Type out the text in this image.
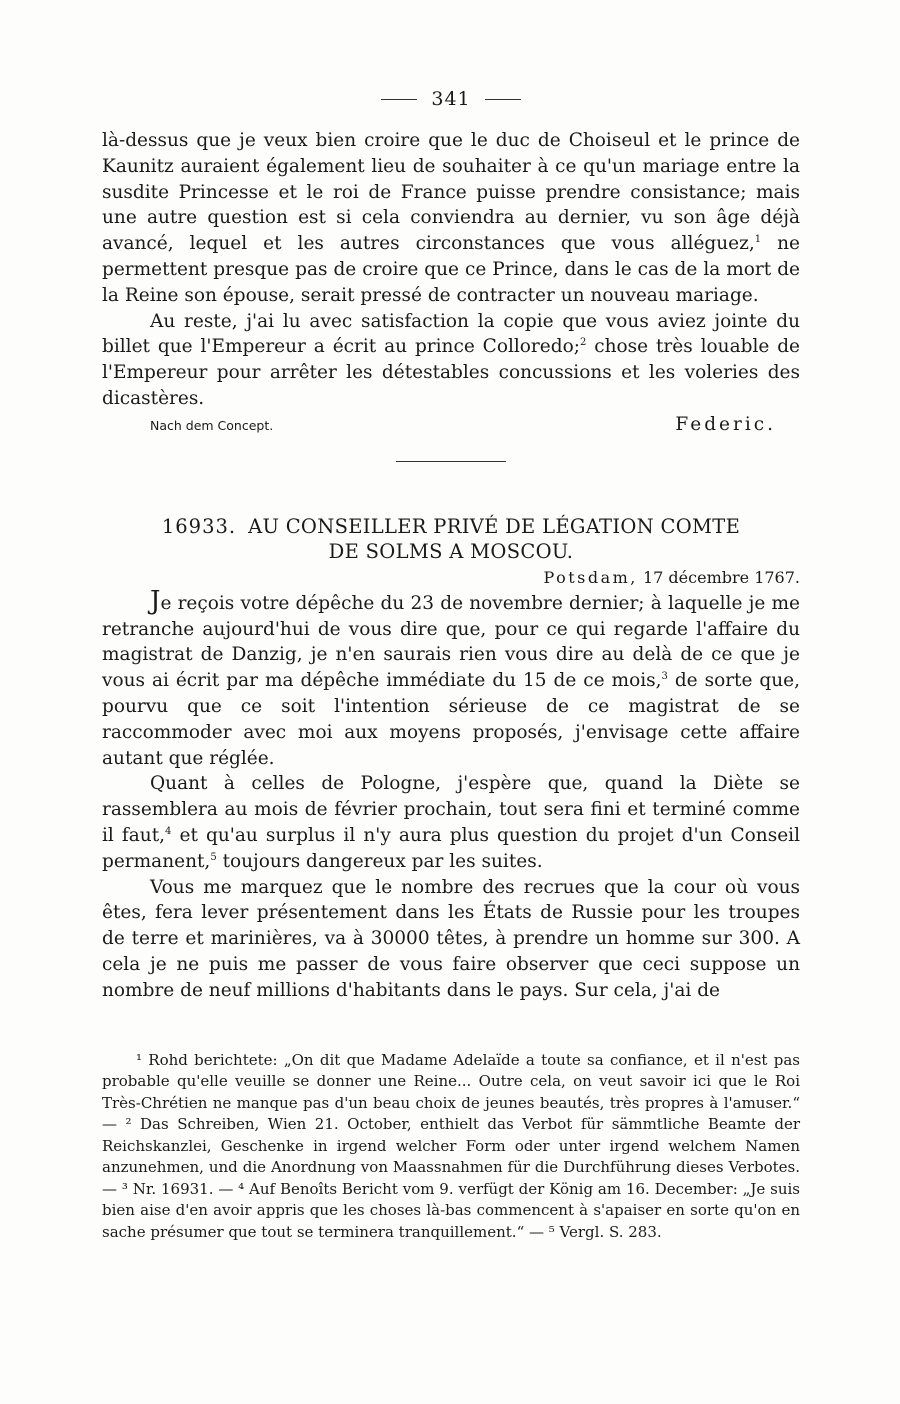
341

là-dessus que je veux bien croire que le duc de Choiseul et le prince de Kaunitz auraient également lieu de souhaiter à ce qu'un mariage entre la susdite Princesse et le roi de France puisse prendre consistance; mais une autre question est si cela conviendra au dernier, vu son âge déjà avancé, lequel et les autres circonstances que vous alléguez,$^1$ ne permettent presque pas de croire que ce Prince, dans le cas de la mort de la Reine son épouse, serait pressé de contracter un nouveau mariage.

Au reste, j'ai lu avec satisfaction la copie que vous aviez jointe du billet que l'Empereur a écrit au prince Colloredo;$^2$ chose très louable de l'Empereur pour arrêter les détestables concussions et les voleries des dicastères.

Nach dem Concept.	Federic.
16933. AU CONSEILLER PRIVÉ DE LÉGATION COMTE
DE SOLMS A MOSCOU.
Potsdam, 17 décembre 1767.

Je reçois votre dépêche du 23 de novembre dernier; à laquelle je me retranche aujourd'hui de vous dire que, pour ce qui regarde l'affaire du magistrat de Danzig, je n'en saurais rien vous dire au delà de ce que je vous ai écrit par ma dépêche immédiate du 15 de ce mois,$^3$ de sorte que, pourvu que ce soit l'intention sérieuse de ce magistrat de se raccommoder avec moi aux moyens proposés, j'envisage cette affaire autant que réglée.

Quant à celles de Pologne, j'espère que, quand la Diète se rassemblera au mois de février prochain, tout sera fini et terminé comme il faut,$^4$ et qu'au surplus il n'y aura plus question du projet d'un Conseil permanent,$^5$ toujours dangereux par les suites.

Vous me marquez que le nombre des recrues que la cour où vous êtes, fera lever présentement dans les États de Russie pour les troupes de terre et marinières, va à 30000 têtes, à prendre un homme sur 300. A cela je ne puis me passer de vous faire observer que ceci suppose un nombre de neuf millions d'habitants dans le pays. Sur cela, j'ai de

¹ Rohd berichtete: „On dit que Madame Adelaïde a toute sa confiance, et il n'est pas probable qu'elle veuille se donner une Reine... Outre cela, on veut savoir ici que le Roi Très-Chrétien ne manque pas d'un beau choix de jeunes beautés, très propres à l'amuser.“ — ² Das Schreiben, Wien 21. October, enthielt das Verbot für sämmtliche Beamte der Reichskanzlei, Geschenke in irgend welcher Form oder unter irgend welchem Namen anzunehmen, und die Anordnung von Maassnahmen für die Durchführung dieses Verbotes. — ³ Nr. 16931. — ⁴ Auf Benoîts Bericht vom 9. verfügt der König am 16. December: „Je suis bien aise d'en avoir appris que les choses là-bas commencent à s'apaiser en sorte qu'on en sache présumer que tout se terminera tranquillement.“ — ⁵ Vergl. S. 283.
